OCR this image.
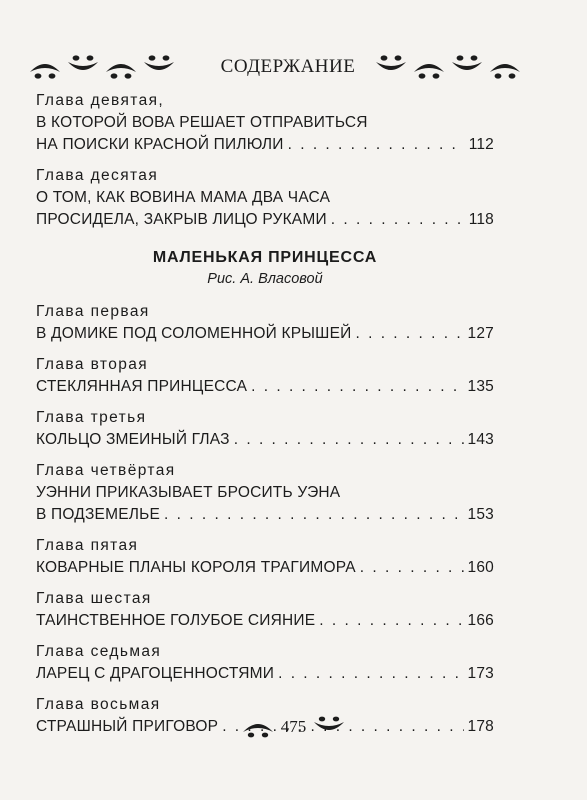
СОДЕРЖАНИЕ
Глава девятая,
В КОТОРОЙ ВОВА РЕШАЕТ ОТПРАВИТЬСЯ
НА ПОИСКИ КРАСНОЙ ПИЛЮЛИ . . .	112
Глава десятая
О ТОМ, КАК ВОВИНА МАМА ДВА ЧАСА
ПРОСИДЕЛА, ЗАКРЫВ ЛИЦО РУКАМИ . . .	118
МАЛЕНЬКАЯ ПРИНЦЕССА
Рис. А. Власовой
Глава первая
В ДОМИКЕ ПОД СОЛОМЕННОЙ КРЫШЕЙ . . .	127
Глава вторая
СТЕКЛЯННАЯ ПРИНЦЕССА . . .	135
Глава третья
КОЛЬЦО ЗМЕИНЫЙ ГЛАЗ . . .	143
Глава четвёртая
УЭННИ ПРИКАЗЫВАЕТ БРОСИТЬ УЭНА
В ПОДЗЕМЕЛЬЕ . . .	153
Глава пятая
КОВАРНЫЕ ПЛАНЫ КОРОЛЯ ТРАГИМОРА . . .	160
Глава шестая
ТАИНСТВЕННОЕ ГОЛУБОЕ СИЯНИЕ . . .	166
Глава седьмая
ЛАРЕЦ С ДРАГОЦЕННОСТЯМИ . . .	173
Глава восьмая
СТРАШНЫЙ ПРИГОВОР . . .	178
475
